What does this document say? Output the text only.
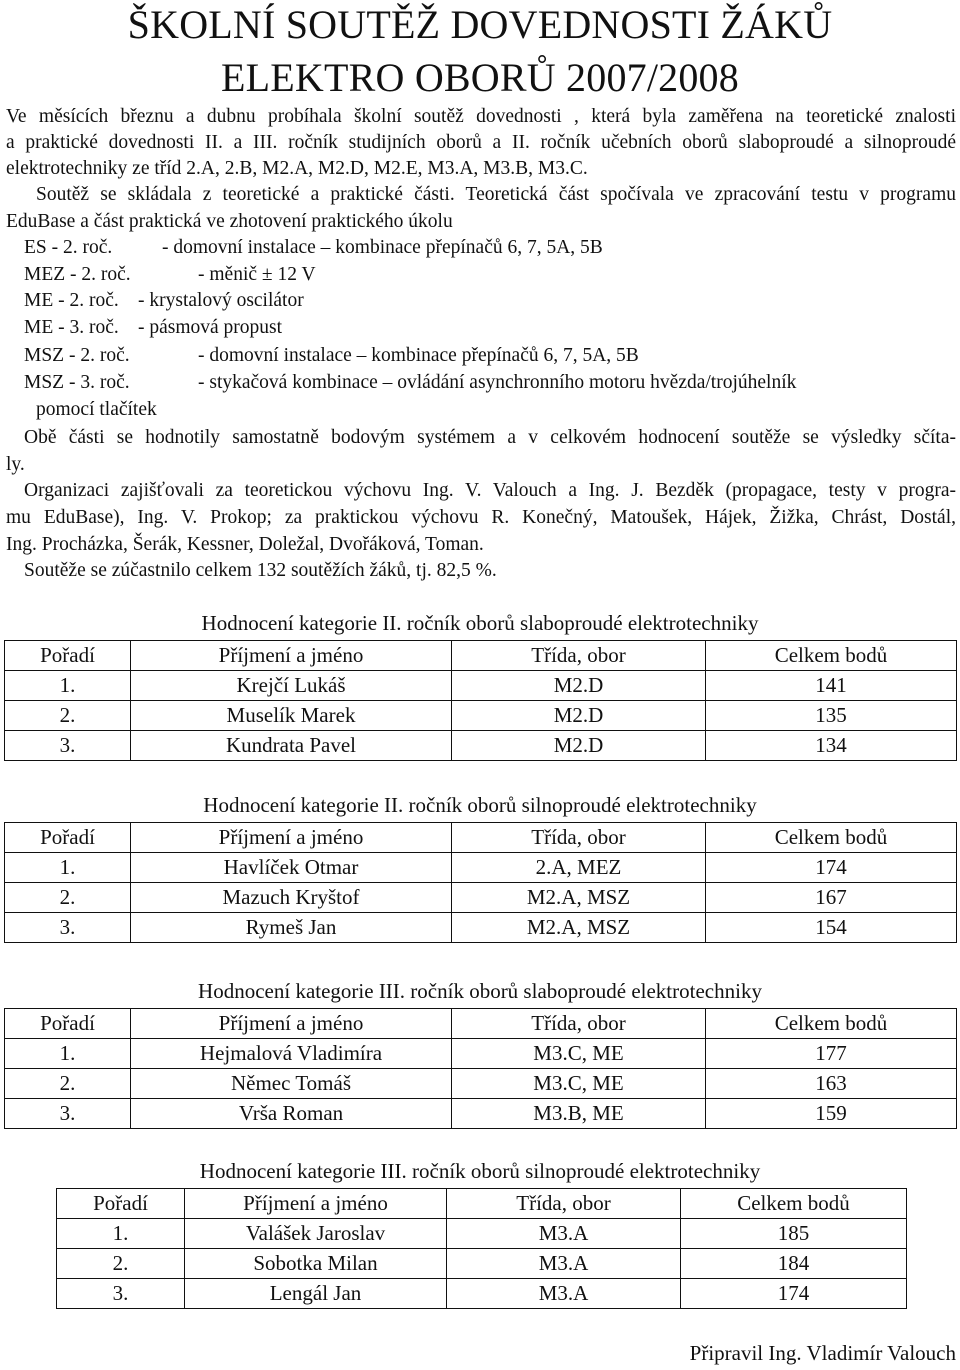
ŠKOLNÍ SOUTĚŽ DOVEDNOSTI ŽÁKŮ
ELEKTRO OBORŮ 2007/2008
Ve měsících březnu a dubnu probíhala školní soutěž dovednosti , která byla zaměřena na teoretické znalosti
a praktické dovednosti II. a III. ročník studijních oborů a II. ročník učebních oborů slaboproudé a silnoproudé
elektrotechniky ze tříd 2.A, 2.B, M2.A, M2.D, M2.E, M3.A, M3.B, M3.C.
Soutěž se skládala z teoretické a praktické části. Teoretická část spočívala ve zpracování testu v programu
EduBase a část praktická ve zhotovení praktického úkolu
ES - 2. roč.	- domovní instalace – kombinace přepínačů 6, 7, 5A, 5B
MEZ - 2. roč.	- měnič ± 12 V
ME - 2. roč. - krystalový oscilátor
ME - 3. roč. - pásmová propust
MSZ - 2. roč.	- domovní instalace – kombinace přepínačů 6, 7, 5A, 5B
MSZ - 3. roč.	- stykačová kombinace – ovládání asynchronního motoru hvězda/trojúhelník
pomocí tlačítek
Obě části se hodnotily samostatně bodovým systémem a v celkovém hodnocení soutěže se výsledky sčíta-
ly.
Organizaci zajišťovali za teoretickou výchovu Ing. V. Valouch a Ing. J. Bezděk (propagace, testy v progra-
mu EduBase), Ing. V. Prokop; za praktickou výchovu R. Konečný, Matoušek, Hájek, Žižka, Chrást, Dostál,
Ing. Procházka, Šerák, Kessner, Doležal, Dvořáková, Toman.
Soutěže se zúčastnilo celkem 132 soutěžích žáků, tj. 82,5 %.
Hodnocení kategorie II. ročník oborů slaboproudé elektrotechniky
Pořadí	Příjmení a jméno	Třída, obor	Celkem bodů
1.	Krejčí Lukáš	M2.D	141
2.	Muselík Marek	M2.D	135
3.	Kundrata Pavel	M2.D	134
Hodnocení kategorie II. ročník oborů silnoproudé elektrotechniky
Pořadí	Příjmení a jméno	Třída, obor	Celkem bodů
1.	Havlíček Otmar	2.A, MEZ	174
2.	Mazuch Kryštof	M2.A, MSZ	167
3.	Rymeš Jan	M2.A, MSZ	154
Hodnocení kategorie III. ročník oborů slaboproudé elektrotechniky
Pořadí	Příjmení a jméno	Třída, obor	Celkem bodů
1.	Hejmalová Vladimíra	M3.C, ME	177
2.	Němec Tomáš	M3.C, ME	163
3.	Vrša Roman	M3.B, ME	159
Hodnocení kategorie III. ročník oborů silnoproudé elektrotechniky
Pořadí	Příjmení a jméno	Třída, obor	Celkem bodů
1.	Valášek Jaroslav	M3.A	185
2.	Sobotka Milan	M3.A	184
3.	Lengál Jan	M3.A	174
Připravil Ing. Vladimír Valouch
